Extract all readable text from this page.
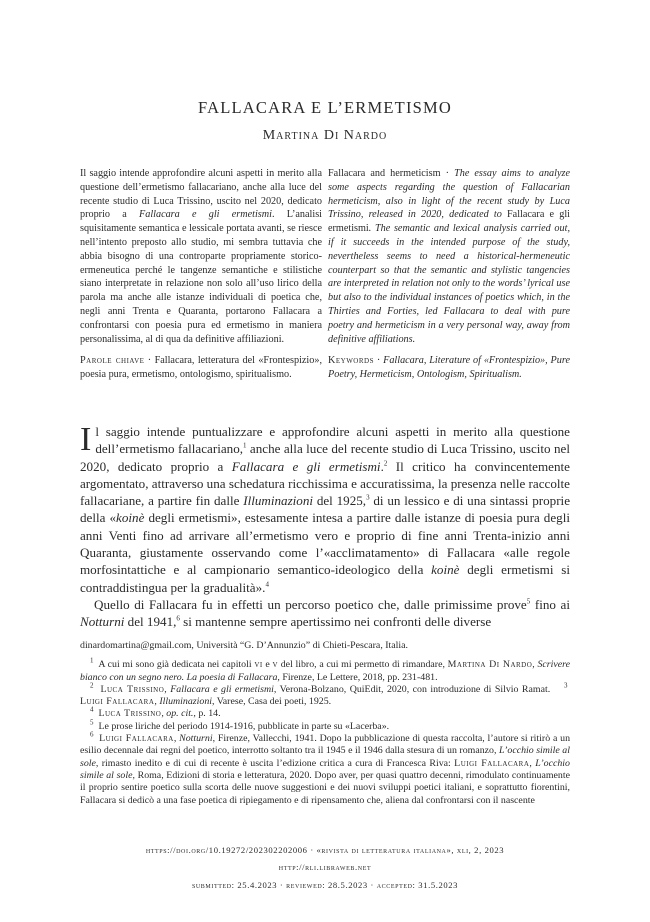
FALLACARA E L’ERMETISMO
Martina Di Nardo

Il saggio intende approfondire alcuni aspetti in merito alla questione dell’ermetismo fallacariano, anche alla luce del recente studio di Luca Trissino, uscito nel 2020, dedicato proprio a Fallacara e gli ermetismi. L’analisi squisitamente semantica e lessicale portata avanti, se riesce nell’intento preposto allo studio, mi sembra tuttavia che abbia bisogno di una controparte propriamente storico-ermeneutica perché le tangenze semantiche e stilistiche siano interpretate in relazione non solo all’uso lirico della parola ma anche alle istanze individuali di poetica che, negli anni Trenta e Quaranta, portarono Fallacara a confrontarsi con poesia pura ed ermetismo in maniera personalissima, al di qua da definitive affiliazioni.

Parole chiave · Fallacara, letteratura del «Frontespizio», poesia pura, ermetismo, ontologismo, spiritualismo.

Fallacara and hermeticism · The essay aims to analyze some aspects regarding the question of Fallacarian hermeticism, also in light of the recent study by Luca Trissino, released in 2020, dedicated to Fallacara e gli ermetismi. The semantic and lexical analysis carried out, if it succeeds in the intended purpose of the study, nevertheless seems to need a historical-hermeneutic counterpart so that the semantic and stylistic tangencies are interpreted in relation not only to the words’ lyrical use but also to the individual instances of poetics which, in the Thirties and Forties, led Fallacara to deal with pure poetry and hermeticism in a very personal way, away from definitive affiliations.

Keywords · Fallacara, Literature of «Frontespizio», Pure Poetry, Hermeticism, Ontologism, Spiritualism.

Il saggio intende puntualizzare e approfondire alcuni aspetti in merito alla questione dell’ermetismo fallacariano,$^1$ anche alla luce del recente studio di Luca Trissino, uscito nel 2020, dedicato proprio a Fallacara e gli ermetismi.$^2$ Il critico ha convincentemente argomentato, attraverso una schedatura ricchissima e accuratissima, la presenza nelle raccolte fallacariane, a partire fin dalle Illuminazioni del 1925,$^3$ di un lessico e di una sintassi proprie della «koinè degli ermetismi», estesamente intesa a partire dalle istanze di poesia pura degli anni Venti fino ad arrivare all’ermetismo vero e proprio di fine anni Trenta-inizio anni Quaranta, giustamente osservando come l’«acclimatamento» di Fallacara «alle regole morfosintattiche e al campionario semantico-ideologico della koinè degli ermetismi si contraddistingua per la gradualità».$^4$

Quello di Fallacara fu in effetti un percorso poetico che, dalle primissime prove$^5$ fino ai Notturni del 1941,$^6$ si mantenne sempre apertissimo nei confronti delle diverse

dinardomartina@gmail.com, Università “G. D’Annunzio” di Chieti-Pescara, Italia.

$^1$ A cui mi sono già dedicata nei capitoli vi e v del libro, a cui mi permetto di rimandare, Martina Di Nardo, Scrivere bianco con un segno nero. La poesia di Fallacara, Firenze, Le Lettere, 2018, pp. 231-481.

$^2$ Luca Trissino, Fallacara e gli ermetismi, Verona-Bolzano, QuiEdit, 2020, con introduzione di Silvio Ramat. $^3$  Luigi Fallacara, Illuminazioni, Varese, Casa dei poeti, 1925.

$^4$ Luca Trissino, op. cit., p. 14.

$^5$ Le prose liriche del periodo 1914-1916, pubblicate in parte su «Lacerba».

$^6$ Luigi Fallacara, Notturni, Firenze, Vallecchi, 1941. Dopo la pubblicazione di questa raccolta, l’autore si ritirò a un esilio decennale dai regni del poetico, interrotto soltanto tra il 1945 e il 1946 dalla stesura di un romanzo, L’occhio simile al sole, rimasto inedito e di cui di recente è uscita l’edizione critica a cura di Francesca Riva: Luigi Fallacara, L’occhio simile al sole, Roma, Edizioni di storia e letteratura, 2020. Dopo aver, per quasi quattro decenni, rimodulato continuamente il proprio sentire poetico sulla scorta delle nuove suggestioni e dei nuovi sviluppi poetici italiani, e soprattutto fiorentini, Fallacara si dedicò a una fase poetica di ripiegamento e di ripensamento che, aliena dal confrontarsi con il nascente

https://doi.org/10.19272/202302202006 · «rivista di letteratura italiana», xli, 2, 2023
http://rli.libraweb.net
submitted: 25.4.2023 · reviewed: 28.5.2023 · accepted: 31.5.2023
